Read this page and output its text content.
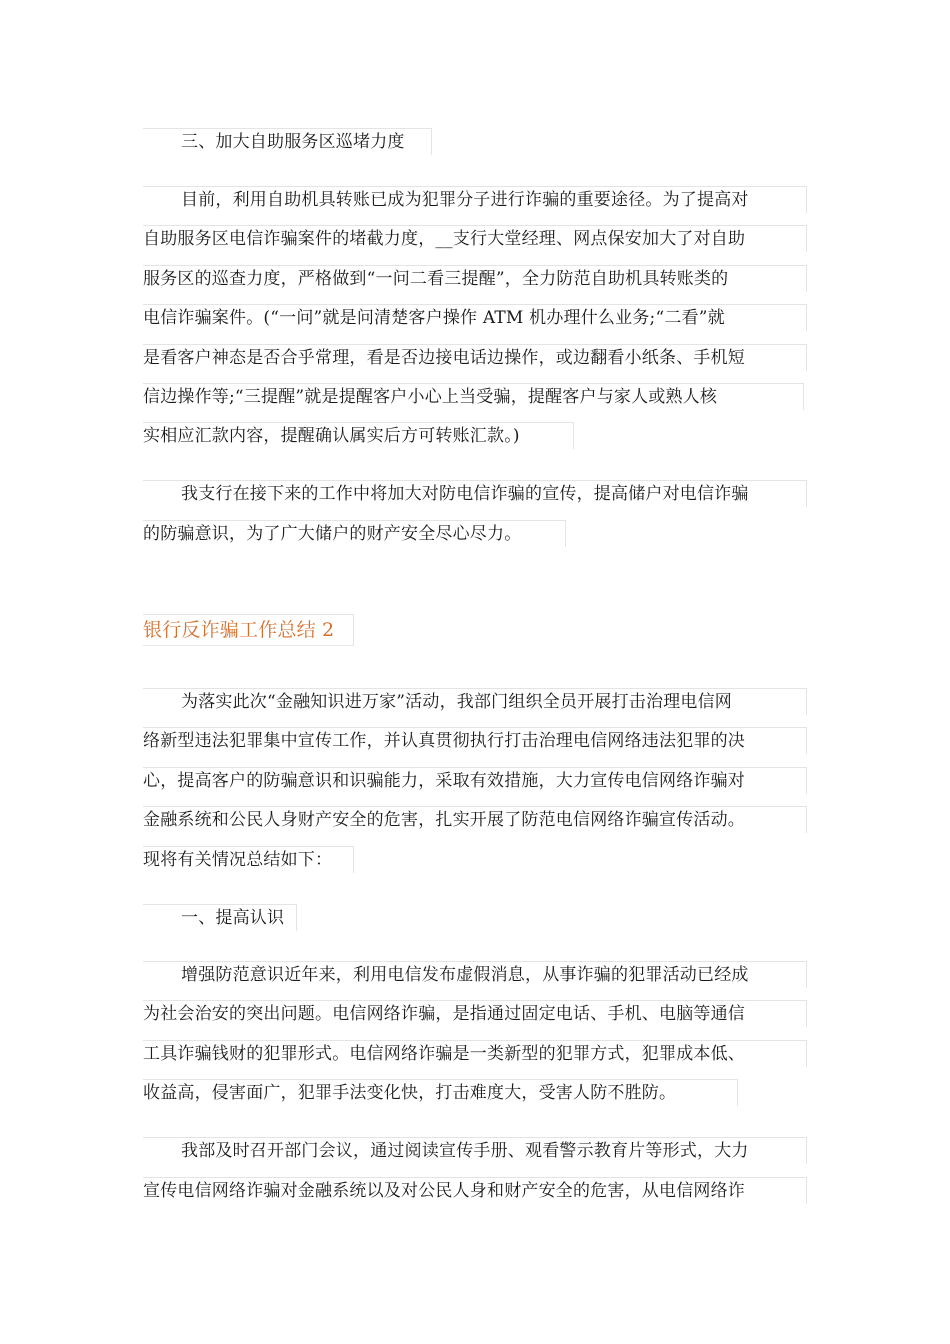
三、加大自助服务区巡堵力度
目前，利用自助机具转账已成为犯罪分子进行诈骗的重要途径。为了提高对
自助服务区电信诈骗案件的堵截力度，__支行大堂经理、网点保安加大了对自助
服务区的巡查力度，严格做到“一问二看三提醒”，全力防范自助机具转账类的
电信诈骗案件。(“一问”就是问清楚客户操作 ATM 机办理什么业务;“二看”就
是看客户神态是否合乎常理，看是否边接电话边操作，或边翻看小纸条、手机短
信边操作等;“三提醒”就是提醒客户小心上当受骗，提醒客户与家人或熟人核
实相应汇款内容，提醒确认属实后方可转账汇款。)
我支行在接下来的工作中将加大对防电信诈骗的宣传，提高储户对电信诈骗
的防骗意识，为了广大储户的财产安全尽心尽力。
银行反诈骗工作总结 2
为落实此次“金融知识进万家”活动，我部门组织全员开展打击治理电信网
络新型违法犯罪集中宣传工作，并认真贯彻执行打击治理电信网络违法犯罪的决
心，提高客户的防骗意识和识骗能力，采取有效措施，大力宣传电信网络诈骗对
金融系统和公民人身财产安全的危害，扎实开展了防范电信网络诈骗宣传活动。
现将有关情况总结如下：
一、提高认识
增强防范意识近年来，利用电信发布虚假消息，从事诈骗的犯罪活动已经成
为社会治安的突出问题。电信网络诈骗，是指通过固定电话、手机、电脑等通信
工具诈骗钱财的犯罪形式。电信网络诈骗是一类新型的犯罪方式，犯罪成本低、
收益高，侵害面广，犯罪手法变化快，打击难度大，受害人防不胜防。
我部及时召开部门会议，通过阅读宣传手册、观看警示教育片等形式，大力
宣传电信网络诈骗对金融系统以及对公民人身和财产安全的危害，从电信网络诈
